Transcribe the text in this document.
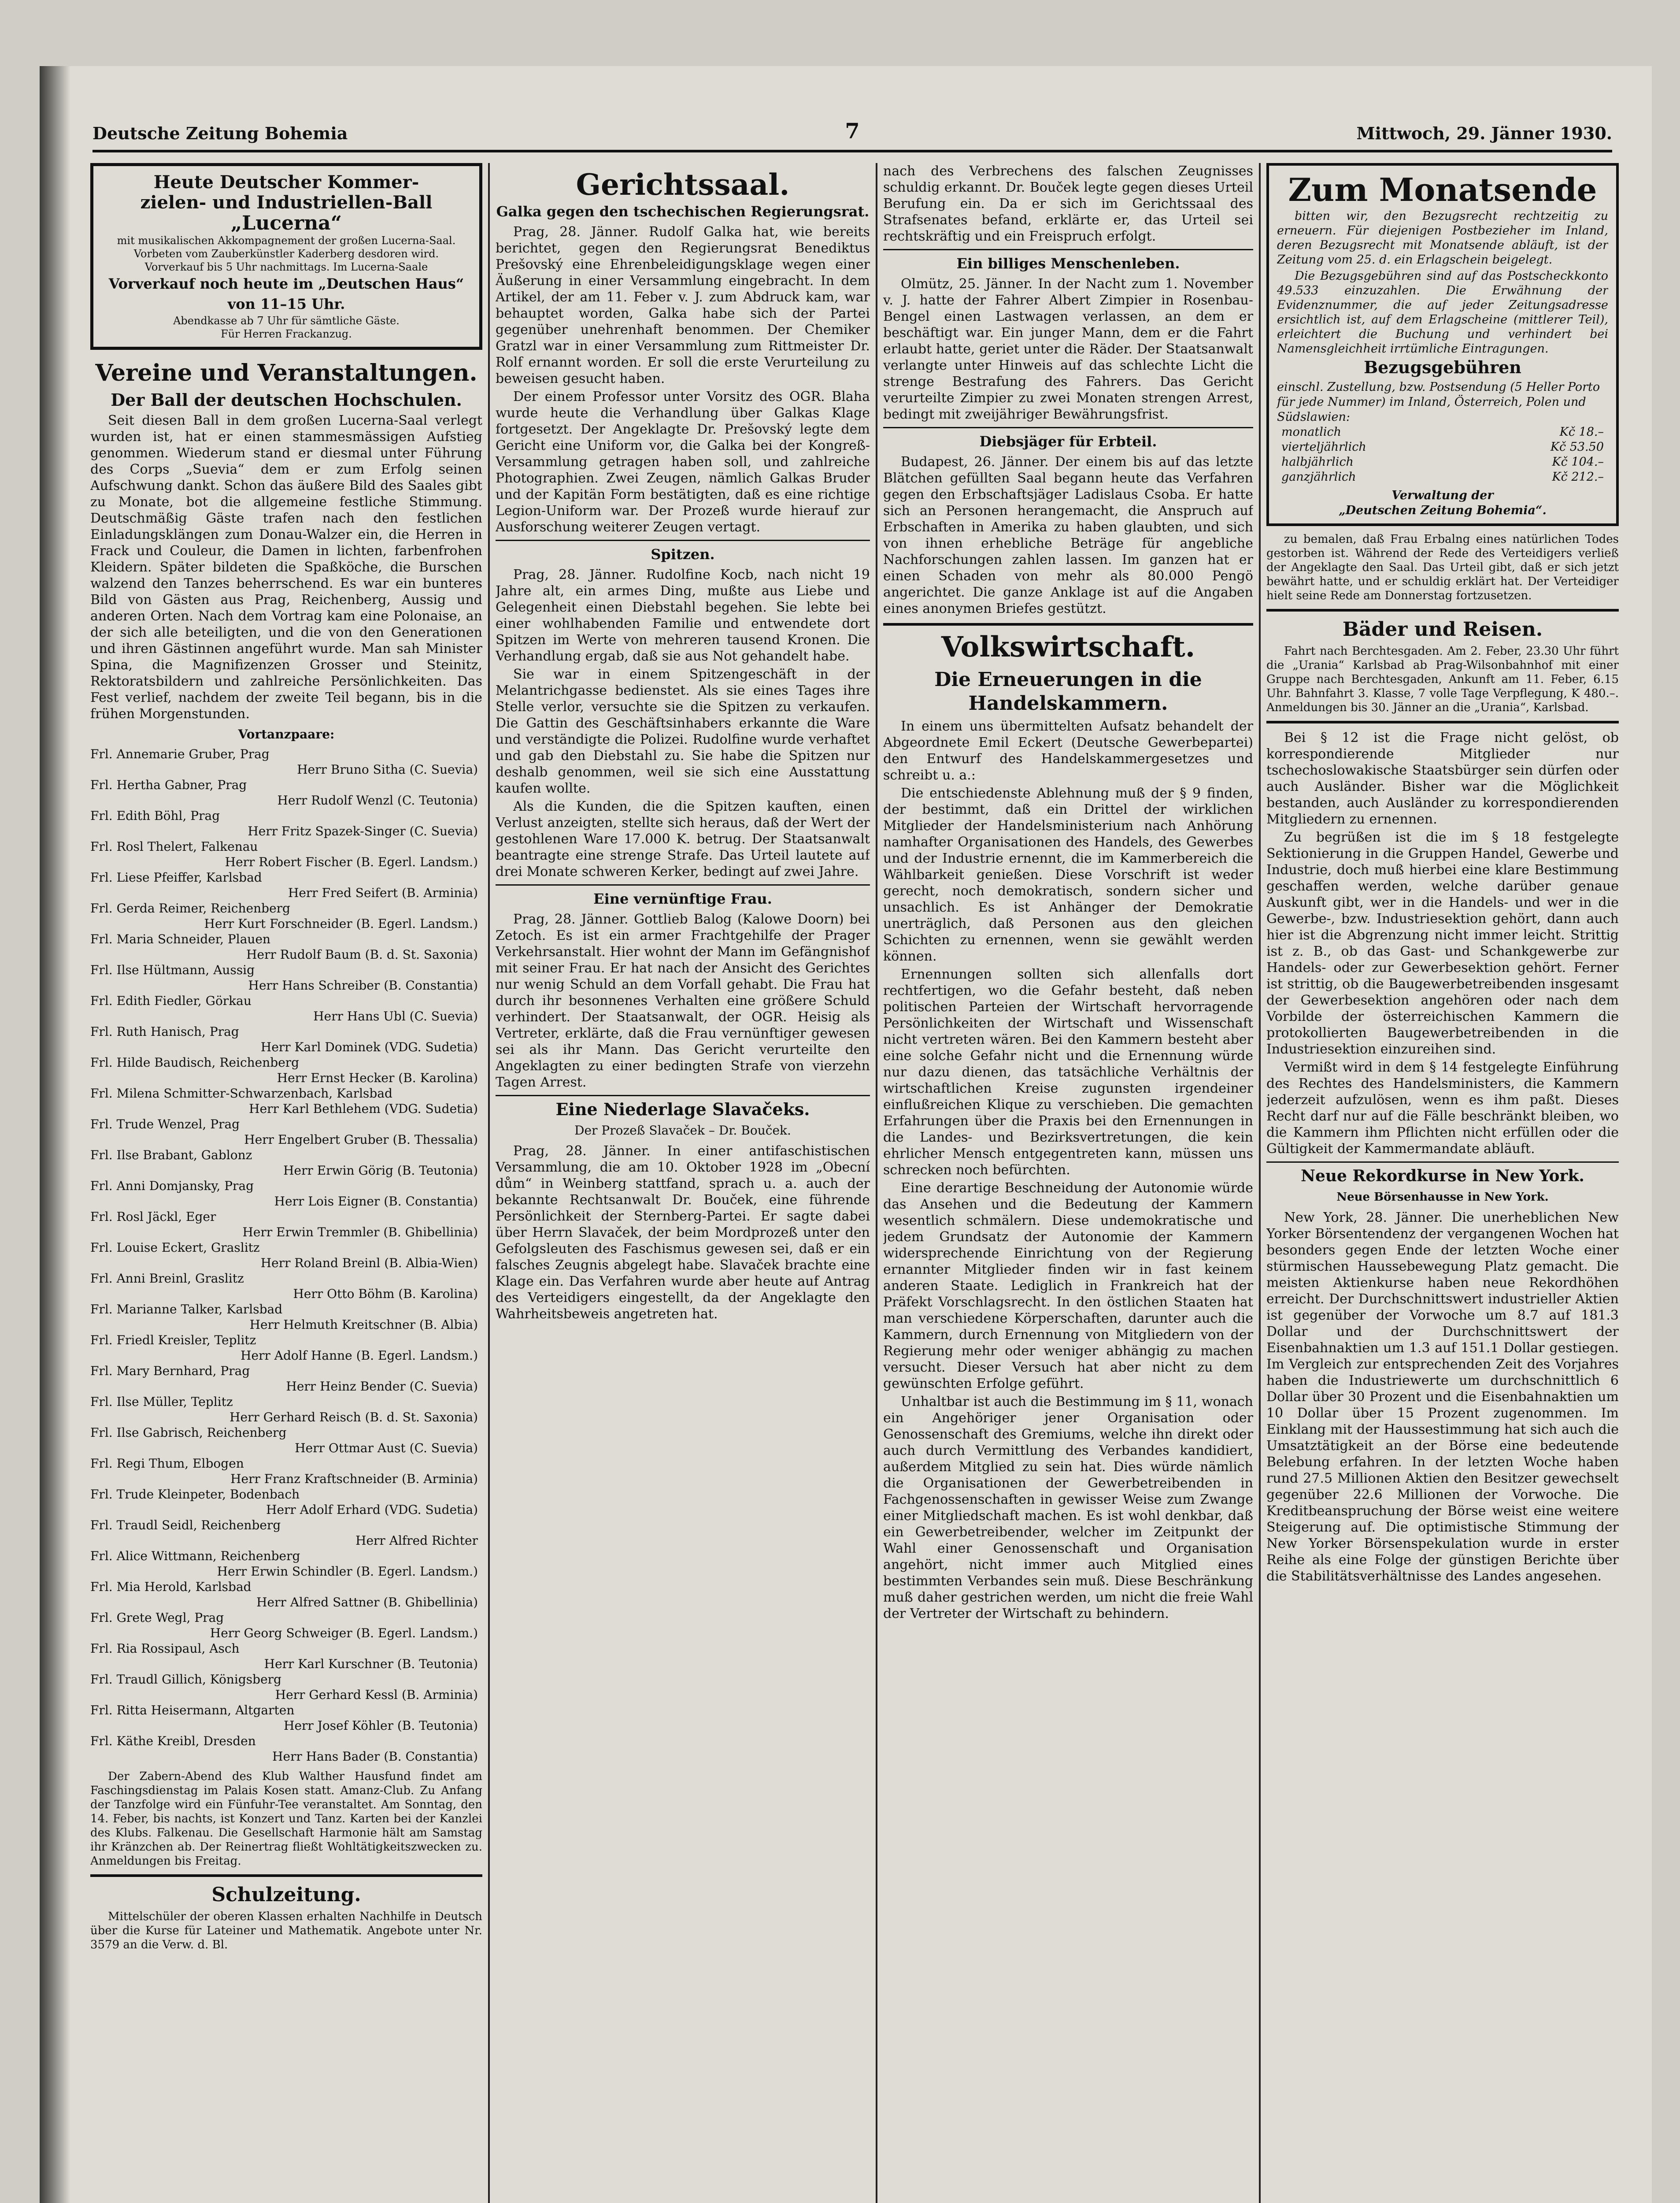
Deutsche Zeitung Bohemia	7	Mittwoch, 29. Jänner 1930.
Heute Deutscher Kommer-
zielen- und Industriellen-Ball
„Lucerna“
mit musikalischen Akkompagnement der großen Lucerna-Saal. Vorbeten vom Zauberkünstler Kaderberg desdoren wird.
Vorverkauf bis 5 Uhr nachmittags. Im Lucerna-Saale
Vorverkauf noch heute im „Deutschen Haus“
von 11–15 Uhr.
Abendkasse ab 7 Uhr für sämtliche Gäste.
Für Herren Frackanzug.
Vereine und Veranstaltungen.
Der Ball der deutschen Hochschulen.

Seit diesen Ball in dem großen Lucerna-Saal verlegt wurden ist, hat er einen stammesmässigen Aufstieg genommen. Wiederum stand er diesmal unter Führung des Corps „Suevia“ dem er zum Erfolg seinen Aufschwung dankt. Schon das äußere Bild des Saales gibt zu Monate, bot die allgemeine festliche Stimmung. Deutschmäßig Gäste trafen nach den festlichen Einladungsklängen zum Donau-Walzer ein, die Herren in Frack und Couleur, die Damen in lichten, farbenfrohen Kleidern. Später bildeten die Spaßköche, die Burschen walzend den Tanzes beherrschend. Es war ein bunteres Bild von Gästen aus Prag, Reichenberg, Aussig und anderen Orten. Nach dem Vortrag kam eine Polonaise, an der sich alle beteiligten, und die von den Generationen und ihren Gästinnen angeführt wurde. Man sah Minister Spina, die Magnifizenzen Grosser und Steinitz, Rektoratsbildern und zahlreiche Persönlichkeiten. Das Fest verlief, nachdem der zweite Teil begann, bis in die frühen Morgenstunden.

Vortanzpaare:
Frl. Annemarie Gruber, Prag
Herr Bruno Sitha (C. Suevia)
Frl. Hertha Gabner, Prag
Herr Rudolf Wenzl (C. Teutonia)
Frl. Edith Böhl, Prag
Herr Fritz Spazek-Singer (C. Suevia)
Frl. Rosl Thelert, Falkenau
Herr Robert Fischer (B. Egerl. Landsm.)
Frl. Liese Pfeiffer, Karlsbad
Herr Fred Seifert (B. Arminia)
Frl. Gerda Reimer, Reichenberg
Herr Kurt Forschneider (B. Egerl. Landsm.)
Frl. Maria Schneider, Plauen
Herr Rudolf Baum (B. d. St. Saxonia)
Frl. Ilse Hültmann, Aussig
Herr Hans Schreiber (B. Constantia)
Frl. Edith Fiedler, Görkau
Herr Hans Ubl (C. Suevia)
Frl. Ruth Hanisch, Prag
Herr Karl Dominek (VDG. Sudetia)
Frl. Hilde Baudisch, Reichenberg
Herr Ernst Hecker (B. Karolina)
Frl. Milena Schmitter-Schwarzenbach, Karlsbad
Herr Karl Bethlehem (VDG. Sudetia)
Frl. Trude Wenzel, Prag
Herr Engelbert Gruber (B. Thessalia)
Frl. Ilse Brabant, Gablonz
Herr Erwin Görig (B. Teutonia)
Frl. Anni Domjansky, Prag
Herr Lois Eigner (B. Constantia)
Frl. Rosl Jäckl, Eger
Herr Erwin Tremmler (B. Ghibellinia)
Frl. Louise Eckert, Graslitz
Herr Roland Breinl (B. Albia-Wien)
Frl. Anni Breinl, Graslitz
Herr Otto Böhm (B. Karolina)
Frl. Marianne Talker, Karlsbad
Herr Helmuth Kreitschner (B. Albia)
Frl. Friedl Kreisler, Teplitz
Herr Adolf Hanne (B. Egerl. Landsm.)
Frl. Mary Bernhard, Prag
Herr Heinz Bender (C. Suevia)
Frl. Ilse Müller, Teplitz
Herr Gerhard Reisch (B. d. St. Saxonia)
Frl. Ilse Gabrisch, Reichenberg
Herr Ottmar Aust (C. Suevia)
Frl. Regi Thum, Elbogen
Herr Franz Kraftschneider (B. Arminia)
Frl. Trude Kleinpeter, Bodenbach
Herr Adolf Erhard (VDG. Sudetia)
Frl. Traudl Seidl, Reichenberg
Herr Alfred Richter
Frl. Alice Wittmann, Reichenberg
Herr Erwin Schindler (B. Egerl. Landsm.)
Frl. Mia Herold, Karlsbad
Herr Alfred Sattner (B. Ghibellinia)
Frl. Grete Wegl, Prag
Herr Georg Schweiger (B. Egerl. Landsm.)
Frl. Ria Rossipaul, Asch
Herr Karl Kurschner (B. Teutonia)
Frl. Traudl Gillich, Königsberg
Herr Gerhard Kessl (B. Arminia)
Frl. Ritta Heisermann, Altgarten
Herr Josef Köhler (B. Teutonia)
Frl. Käthe Kreibl, Dresden
Herr Hans Bader (B. Constantia)

Der Zabern-Abend des Klub Walther Hausfund findet am Faschingsdienstag im Palais Kosen statt. Amanz-Club. Zu Anfang der Tanzfolge wird ein Fünfuhr-Tee veranstaltet. Am Sonntag, den 14. Feber, bis nachts, ist Konzert und Tanz. Karten bei der Kanzlei des Klubs. Falkenau. Die Gesellschaft Harmonie hält am Samstag ihr Kränzchen ab. Der Reinertrag fließt Wohltätigkeitszwecken zu. Anmeldungen bis Freitag.

Schulzeitung.

Mittelschüler der oberen Klassen erhalten Nachhilfe in Deutsch über die Kurse für Lateiner und Mathematik. Angebote unter Nr. 3579 an die Verw. d. Bl.

Gerichtssaal.
Galka gegen den tschechischen Regierungsrat.

Prag, 28. Jänner. Rudolf Galka hat, wie bereits berichtet, gegen den Regierungsrat Benediktus Prešovský eine Ehrenbeleidigungsklage wegen einer Äußerung in einer Versammlung eingebracht. In dem Artikel, der am 11. Feber v. J. zum Abdruck kam, war behauptet worden, Galka habe sich der Partei gegenüber unehrenhaft benommen. Der Chemiker Gratzl war in einer Versammlung zum Rittmeister Dr. Rolf ernannt worden. Er soll die erste Verurteilung zu beweisen gesucht haben.

Der einem Professor unter Vorsitz des OGR. Blaha wurde heute die Verhandlung über Galkas Klage fortgesetzt. Der Angeklagte Dr. Prešovský legte dem Gericht eine Uniform vor, die Galka bei der Kongreß-Versammlung getragen haben soll, und zahlreiche Photographien. Zwei Zeugen, nämlich Galkas Bruder und der Kapitän Form bestätigten, daß es eine richtige Legion-Uniform war. Der Prozeß wurde hierauf zur Ausforschung weiterer Zeugen vertagt.

Spitzen.

Prag, 28. Jänner. Rudolfine Kocb, nach nicht 19 Jahre alt, ein armes Ding, mußte aus Liebe und Gelegenheit einen Diebstahl begehen. Sie lebte bei einer wohlhabenden Familie und entwendete dort Spitzen im Werte von mehreren tausend Kronen. Die Verhandlung ergab, daß sie aus Not gehandelt habe.

Sie war in einem Spitzengeschäft in der Melantrichgasse bedienstet. Als sie eines Tages ihre Stelle verlor, versuchte sie die Spitzen zu verkaufen. Die Gattin des Geschäftsinhabers erkannte die Ware und verständigte die Polizei. Rudolfine wurde verhaftet und gab den Diebstahl zu. Sie habe die Spitzen nur deshalb genommen, weil sie sich eine Ausstattung kaufen wollte.

Als die Kunden, die die Spitzen kauften, einen Verlust anzeigten, stellte sich heraus, daß der Wert der gestohlenen Ware 17.000 K. betrug. Der Staatsanwalt beantragte eine strenge Strafe. Das Urteil lautete auf drei Monate schweren Kerker, bedingt auf zwei Jahre.

Eine vernünftige Frau.

Prag, 28. Jänner. Gottlieb Balog (Kalowe Doorn) bei Zetoch. Es ist ein armer Frachtgehilfe der Prager Verkehrsanstalt. Hier wohnt der Mann im Gefängnishof mit seiner Frau. Er hat nach der Ansicht des Gerichtes nur wenig Schuld an dem Vorfall gehabt. Die Frau hat durch ihr besonnenes Verhalten eine größere Schuld verhindert. Der Staatsanwalt, der OGR. Heisig als Vertreter, erklärte, daß die Frau vernünftiger gewesen sei als ihr Mann. Das Gericht verurteilte den Angeklagten zu einer bedingten Strafe von vierzehn Tagen Arrest.

Eine Niederlage Slavačeks.
Der Prozeß Slavaček – Dr. Bouček.

Prag, 28. Jänner. In einer antifaschistischen Versammlung, die am 10. Oktober 1928 im „Obecní dům“ in Weinberg stattfand, sprach u. a. auch der bekannte Rechtsanwalt Dr. Bouček, eine führende Persönlichkeit der Sternberg-Partei. Er sagte dabei über Herrn Slavaček, der beim Mordprozeß unter den Gefolgsleuten des Faschismus gewesen sei, daß er ein falsches Zeugnis abgelegt habe. Slavaček brachte eine Klage ein. Das Verfahren wurde aber heute auf Antrag des Verteidigers eingestellt, da der Angeklagte den Wahrheitsbeweis angetreten hat.

nach des Verbrechens des falschen Zeugnisses schuldig erkannt. Dr. Bouček legte gegen dieses Urteil Berufung ein. Da er sich im Gerichtssaal des Strafsenates befand, erklärte er, das Urteil sei rechtskräftig und ein Freispruch erfolgt.

Ein billiges Menschenleben.

Olmütz, 25. Jänner. In der Nacht zum 1. November v. J. hatte der Fahrer Albert Zimpier in Rosenbau-Bengel einen Lastwagen verlassen, an dem er beschäftigt war. Ein junger Mann, dem er die Fahrt erlaubt hatte, geriet unter die Räder. Der Staatsanwalt verlangte unter Hinweis auf das schlechte Licht die strenge Bestrafung des Fahrers. Das Gericht verurteilte Zimpier zu zwei Monaten strengen Arrest, bedingt mit zweijähriger Bewährungsfrist.

Diebsjäger für Erbteil.

Budapest, 26. Jänner. Der einem bis auf das letzte Blätchen gefüllten Saal begann heute das Verfahren gegen den Erbschaftsjäger Ladislaus Csoba. Er hatte sich an Personen herangemacht, die Anspruch auf Erbschaften in Amerika zu haben glaubten, und sich von ihnen erhebliche Beträge für angebliche Nachforschungen zahlen lassen. Im ganzen hat er einen Schaden von mehr als 80.000 Pengö angerichtet. Die ganze Anklage ist auf die Angaben eines anonymen Briefes gestützt.

Volkswirtschaft.
Die Erneuerungen in die Handelskammern.

In einem uns übermittelten Aufsatz behandelt der Abgeordnete Emil Eckert (Deutsche Gewerbepartei) den Entwurf des Handelskammergesetzes und schreibt u. a.:

Die entschiedenste Ablehnung muß der § 9 finden, der bestimmt, daß ein Drittel der wirklichen Mitglieder der Handelsministerium nach Anhörung namhafter Organisationen des Handels, des Gewerbes und der Industrie ernennt, die im Kammerbereich die Wählbarkeit genießen. Diese Vorschrift ist weder gerecht, noch demokratisch, sondern sicher und unsachlich. Es ist Anhänger der Demokratie unerträglich, daß Personen aus den gleichen Schichten zu ernennen, wenn sie gewählt werden können.

Ernennungen sollten sich allenfalls dort rechtfertigen, wo die Gefahr besteht, daß neben politischen Parteien der Wirtschaft hervorragende Persönlichkeiten der Wirtschaft und Wissenschaft nicht vertreten wären. Bei den Kammern besteht aber eine solche Gefahr nicht und die Ernennung würde nur dazu dienen, das tatsächliche Verhältnis der wirtschaftlichen Kreise zugunsten irgendeiner einflußreichen Klique zu verschieben. Die gemachten Erfahrungen über die Praxis bei den Ernennungen in die Landes- und Bezirksvertretungen, die kein ehrlicher Mensch entgegentreten kann, müssen uns schrecken noch befürchten.

Eine derartige Beschneidung der Autonomie würde das Ansehen und die Bedeutung der Kammern wesentlich schmälern. Diese undemokratische und jedem Grundsatz der Autonomie der Kammern widersprechende Einrichtung von der Regierung ernannter Mitglieder finden wir in fast keinem anderen Staate. Lediglich in Frankreich hat der Präfekt Vorschlagsrecht. In den östlichen Staaten hat man verschiedene Körperschaften, darunter auch die Kammern, durch Ernennung von Mitgliedern von der Regierung mehr oder weniger abhängig zu machen versucht. Dieser Versuch hat aber nicht zu dem gewünschten Erfolge geführt.

Unhaltbar ist auch die Bestimmung im § 11, wonach ein Angehöriger jener Organisation oder Genossenschaft des Gremiums, welche ihn direkt oder auch durch Vermittlung des Verbandes kandidiert, außerdem Mitglied zu sein hat. Dies würde nämlich die Organisationen der Gewerbetreibenden in Fachgenossenschaften in gewisser Weise zum Zwange einer Mitgliedschaft machen. Es ist wohl denkbar, daß ein Gewerbetreibender, welcher im Zeitpunkt der Wahl einer Genossenschaft und Organisation angehört, nicht immer auch Mitglied eines bestimmten Verbandes sein muß. Diese Beschränkung muß daher gestrichen werden, um nicht die freie Wahl der Vertreter der Wirtschaft zu behindern.

Zum Monatsende

bitten wir, den Bezugsrecht rechtzeitig zu erneuern. Für diejenigen Postbezieher im Inland, deren Bezugsrecht mit Monatsende abläuft, ist der Zeitung vom 25. d. ein Erlagschein beigelegt.

Die Bezugsgebühren sind auf das Postscheckkonto 49.533 einzuzahlen. Die Erwähnung der Evidenznummer, die auf jeder Zeitungsadresse ersichtlich ist, auf dem Erlagscheine (mittlerer Teil), erleichtert die Buchung und verhindert bei Namensgleichheit irrtümliche Eintragungen.

Bezugsgebühren
einschl. Zustellung, bzw. Postsendung (5 Heller Porto für jede Nummer) im Inland, Österreich, Polen und Südslawien:
monatlich	Kč 18.–
vierteljährlich	Kč 53.50
halbjährlich	Kč 104.–
ganzjährlich	Kč 212.–
Verwaltung der
„Deutschen Zeitung Bohemia“.

zu bemalen, daß Frau Erbalng eines natürlichen Todes gestorben ist. Während der Rede des Verteidigers verließ der Angeklagte den Saal. Das Urteil gibt, daß er sich jetzt bewährt hatte, und er schuldig erklärt hat. Der Verteidiger hielt seine Rede am Donnerstag fortzusetzen.

Bäder und Reisen.

Fahrt nach Berchtesgaden. Am 2. Feber, 23.30 Uhr führt die „Urania“ Karlsbad ab Prag-Wilsonbahnhof mit einer Gruppe nach Berchtesgaden, Ankunft am 11. Feber, 6.15 Uhr. Bahnfahrt 3. Klasse, 7 volle Tage Verpflegung, K 480.–. Anmeldungen bis 30. Jänner an die „Urania“, Karlsbad.

Bei § 12 ist die Frage nicht gelöst, ob korrespondierende Mitglieder nur tschechoslowakische Staatsbürger sein dürfen oder auch Ausländer. Bisher war die Möglichkeit bestanden, auch Ausländer zu korrespondierenden Mitgliedern zu ernennen.

Zu begrüßen ist die im § 18 festgelegte Sektionierung in die Gruppen Handel, Gewerbe und Industrie, doch muß hierbei eine klare Bestimmung geschaffen werden, welche darüber genaue Auskunft gibt, wer in die Handels- und wer in die Gewerbe-, bzw. Industriesektion gehört, dann auch hier ist die Abgrenzung nicht immer leicht. Strittig ist z. B., ob das Gast- und Schankgewerbe zur Handels- oder zur Gewerbesektion gehört. Ferner ist strittig, ob die Baugewerbetreibenden insgesamt der Gewerbesektion angehören oder nach dem Vorbilde der österreichischen Kammern die protokollierten Baugewerbetreibenden in die Industriesektion einzureihen sind.

Vermißt wird in dem § 14 festgelegte Einführung des Rechtes des Handelsministers, die Kammern jederzeit aufzulösen, wenn es ihm paßt. Dieses Recht darf nur auf die Fälle beschränkt bleiben, wo die Kammern ihm Pflichten nicht erfüllen oder die Gültigkeit der Kammermandate abläuft.

Neue Rekordkurse in New York.
Neue Börsenhausse in New York.

New York, 28. Jänner. Die unerheblichen New Yorker Börsentendenz der vergangenen Wochen hat besonders gegen Ende der letzten Woche einer stürmischen Haussebewegung Platz gemacht. Die meisten Aktienkurse haben neue Rekordhöhen erreicht. Der Durchschnittswert industrieller Aktien ist gegenüber der Vorwoche um 8.7 auf 181.3 Dollar und der Durchschnittswert der Eisenbahnaktien um 1.3 auf 151.1 Dollar gestiegen. Im Vergleich zur entsprechenden Zeit des Vorjahres haben die Industriewerte um durchschnittlich 6 Dollar über 30 Prozent und die Eisenbahnaktien um 10 Dollar über 15 Prozent zugenommen. Im Einklang mit der Haussestimmung hat sich auch die Umsatztätigkeit an der Börse eine bedeutende Belebung erfahren. In der letzten Woche haben rund 27.5 Millionen Aktien den Besitzer gewechselt gegenüber 22.6 Millionen der Vorwoche. Die Kreditbeanspruchung der Börse weist eine weitere Steigerung auf. Die optimistische Stimmung der New Yorker Börsenspekulation wurde in erster Reihe als eine Folge der günstigen Berichte über die Stabilitätsverhältnisse des Landes angesehen.
